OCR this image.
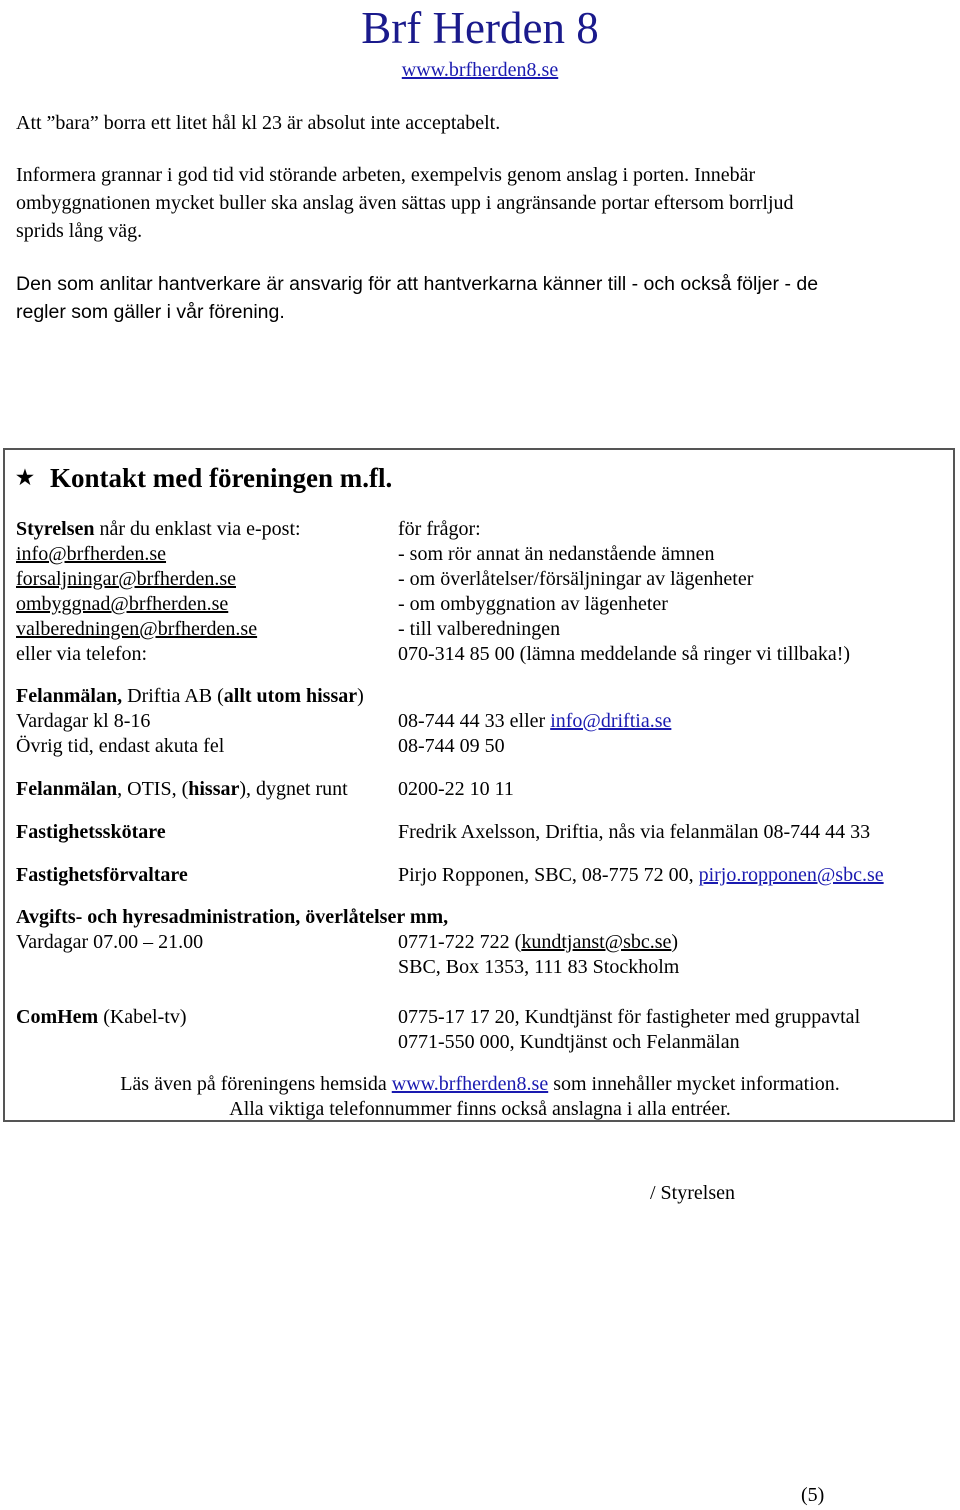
Brf Herden 8
www.brfherden8.se
Att ”bara” borra ett litet hål kl 23 är absolut inte acceptabelt.
Informera grannar i god tid vid störande arbeten, exempelvis genom anslag i porten. Innebär
ombyggnationen mycket buller ska anslag även sättas upp i angränsande portar eftersom borrljud
sprids lång väg.
Den som anlitar hantverkare är ansvarig för att hantverkarna känner till - och också följer - de
regler som gäller i vår förening.
★ Kontakt med föreningen m.fl.
Styrelsen når du enklast via e-post:	för frågor:
info@brfherden.se	- som rör annat än nedanstående ämnen
forsaljningar@brfherden.se	- om överlåtelser/försäljningar av lägenheter
ombyggnad@brfherden.se	- om ombyggnation av lägenheter
valberedningen@brfherden.se	- till valberedningen
eller via telefon:	070-314 85 00 (lämna meddelande så ringer vi tillbaka!)
Felanmälan, Driftia AB (allt utom hissar)
Vardagar kl 8-16	08-744 44 33 eller info@driftia.se
Övrig tid, endast akuta fel	08-744 09 50
Felanmälan, OTIS, (hissar), dygnet runt	0200-22 10 11
Fastighetsskötare	Fredrik Axelsson, Driftia, nås via felanmälan 08-744 44 33
Fastighetsförvaltare	Pirjo Ropponen, SBC, 08-775 72 00, pirjo.ropponen@sbc.se
Avgifts- och hyresadministration, överlåtelser mm,
Vardagar 07.00 – 21.00	0771-722 722 (kundtjanst@sbc.se)
SBC, Box 1353, 111 83 Stockholm
ComHem (Kabel-tv)	0775-17 17 20, Kundtjänst för fastigheter med gruppavtal
0771-550 000, Kundtjänst och Felanmälan
Läs även på föreningens hemsida www.brfherden8.se som innehåller mycket information.
Alla viktiga telefonnummer finns också anslagna i alla entréer.
/ Styrelsen
(5)
